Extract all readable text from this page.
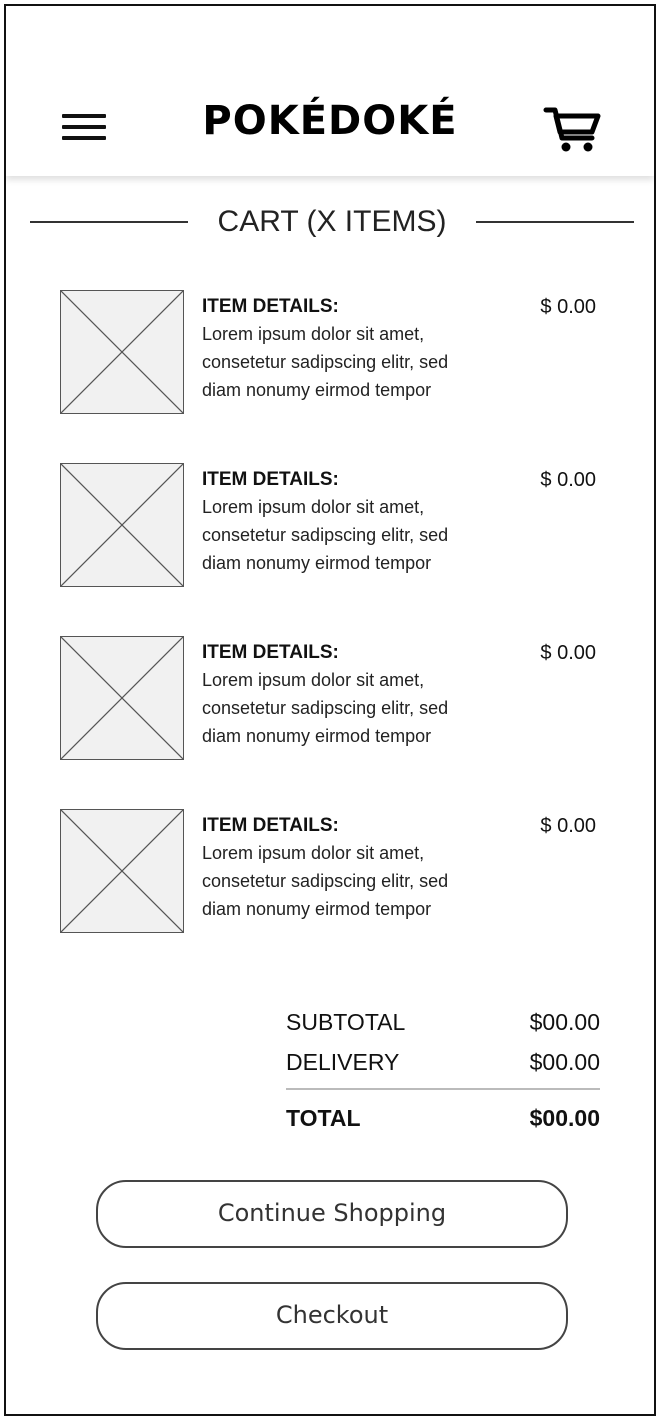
POKÉDOKÉ
CART (X ITEMS)
ITEM DETAILS:
Lorem ipsum dolor sit amet,
consetetur sadipscing elitr, sed
diam nonumy eirmod tempor
$ 0.00
ITEM DETAILS:
Lorem ipsum dolor sit amet,
consetetur sadipscing elitr, sed
diam nonumy eirmod tempor
$ 0.00
ITEM DETAILS:
Lorem ipsum dolor sit amet,
consetetur sadipscing elitr, sed
diam nonumy eirmod tempor
$ 0.00
ITEM DETAILS:
Lorem ipsum dolor sit amet,
consetetur sadipscing elitr, sed
diam nonumy eirmod tempor
$ 0.00
SUBTOTAL	$00.00
DELIVERY	$00.00
TOTAL	$00.00
Continue Shopping
Checkout
